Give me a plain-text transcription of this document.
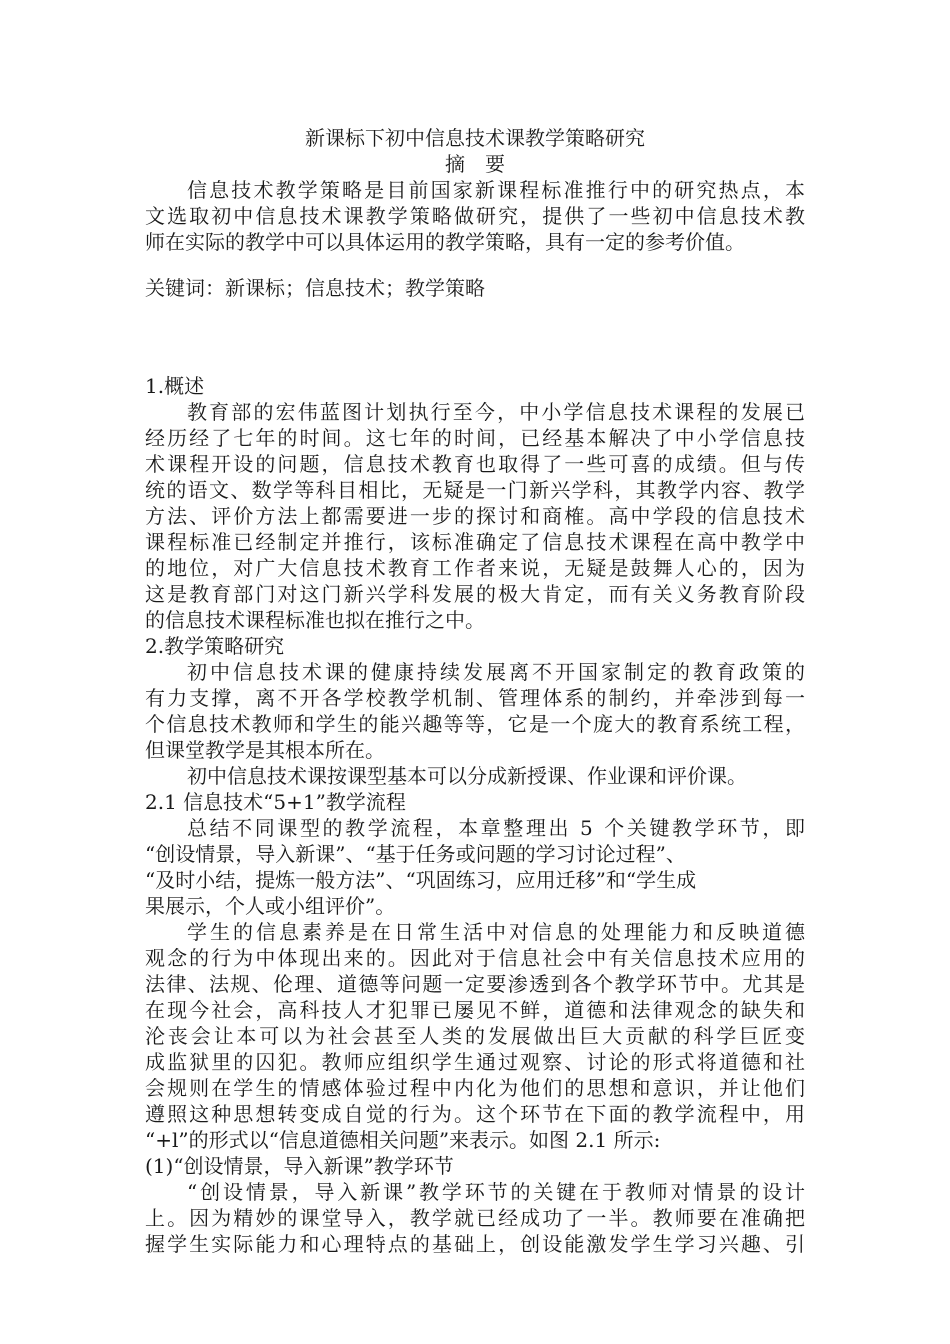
新课标下初中信息技术课教学策略研究
摘　要
信息技术教学策略是目前国家新课程标准推行中的研究热点，本
文选取初中信息技术课教学策略做研究，提供了一些初中信息技术教
师在实际的教学中可以具体运用的教学策略，具有一定的参考价值。
关键词：新课标；信息技术；教学策略
1.概述
教育部的宏伟蓝图计划执行至今，中小学信息技术课程的发展已
经历经了七年的时间。这七年的时间，已经基本解决了中小学信息技
术课程开设的问题，信息技术教育也取得了一些可喜的成绩。但与传
统的语文、数学等科目相比，无疑是一门新兴学科，其教学内容、教学
方法、评价方法上都需要进一步的探讨和商榷。高中学段的信息技术
课程标准已经制定并推行，该标准确定了信息技术课程在高中教学中
的地位，对广大信息技术教育工作者来说，无疑是鼓舞人心的，因为
这是教育部门对这门新兴学科发展的极大肯定，而有关义务教育阶段
的信息技术课程标准也拟在推行之中。
2.教学策略研究
初中信息技术课的健康持续发展离不开国家制定的教育政策的
有力支撑，离不开各学校教学机制、管理体系的制约，并牵涉到每一
个信息技术教师和学生的能兴趣等等，它是一个庞大的教育系统工程，
但课堂教学是其根本所在。
初中信息技术课按课型基本可以分成新授课、作业课和评价课。
2.1 信息技术“5+1”教学流程
总结不同课型的教学流程，本章整理出 5 个关键教学环节，即
“创设情景，导入新课”、“基于任务或问题的学习讨论过程”、
“及时小结，提炼一般方法”、“巩固练习，应用迁移”和“学生成
果展示，个人或小组评价”。
学生的信息素养是在日常生活中对信息的处理能力和反映道德
观念的行为中体现出来的。因此对于信息社会中有关信息技术应用的
法律、法规、伦理、道德等问题一定要渗透到各个教学环节中。尤其是
在现今社会，高科技人才犯罪已屡见不鲜，道德和法律观念的缺失和
沦丧会让本可以为社会甚至人类的发展做出巨大贡献的科学巨匠变
成监狱里的囚犯。教师应组织学生通过观察、讨论的形式将道德和社
会规则在学生的情感体验过程中内化为他们的思想和意识，并让他们
遵照这种思想转变成自觉的行为。这个环节在下面的教学流程中，用
“+l”的形式以“信息道德相关问题”来表示。如图 2.1 所示:
(1)“创设情景，导入新课”教学环节
“创设情景，导入新课”教学环节的关键在于教师对情景的设计
上。因为精妙的课堂导入，教学就已经成功了一半。教师要在准确把
握学生实际能力和心理特点的基础上，创设能激发学生学习兴趣、引
